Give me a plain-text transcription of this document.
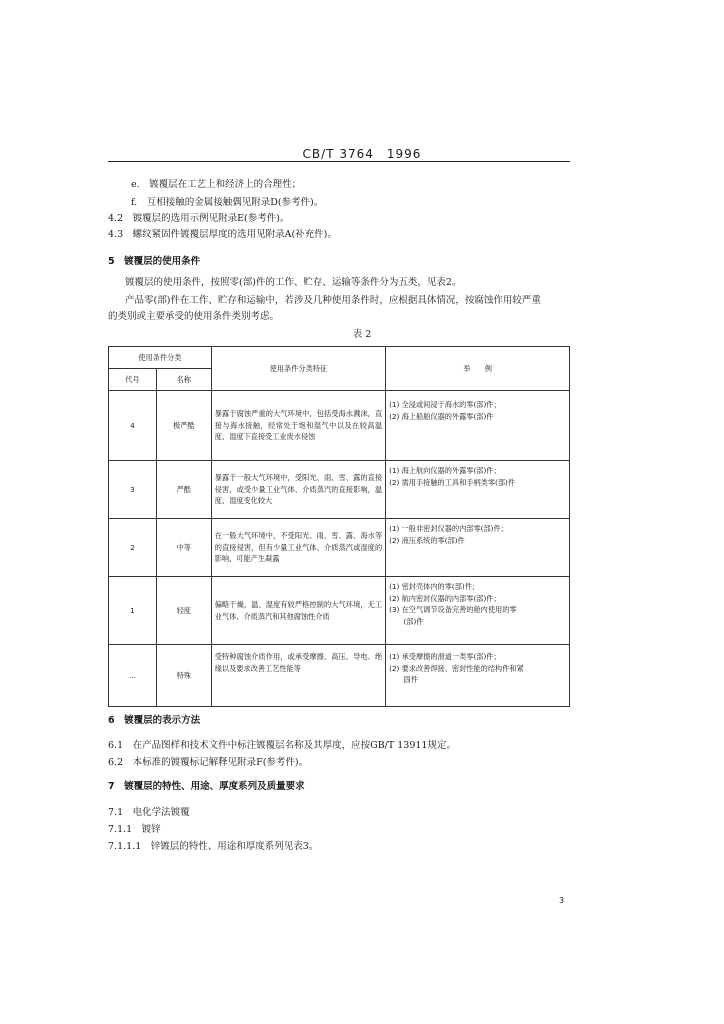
CB/T 3764　1996
e.　镀覆层在工艺上和经济上的合理性；
f.　互相接触的金属接触偶见附录D(参考件)。
4.2　镀覆层的选用示例见附录E(参考件)。
4.3　螺纹紧固件镀覆层厚度的选用见附录A(补充件)。
5　镀覆层的使用条件
镀覆层的使用条件，按照零(部)件的工作、贮存、运输等条件分为五类，见表2。
产品零(部)件在工作、贮存和运输中，若涉及几种使用条件时，应根据具体情况，按腐蚀作用较严重
的类别或主要承受的使用条件类别考虑。
表 2
使用条件分类		使用条件分类特征	举　　例
代号	名称		
4	极严酷	暴露于腐蚀严重的大气环境中，包括受海水溅沫，直接与海水接触，经常处于饱和湿气中以及在较高温度、湿度下直接受工业废水侵蚀	(1) 全浸或间浸于海水的零(部)件；
(2) 海上船舶仪器的外露零(部)件

3	严酷	暴露于一般大气环境中，受阳光、雨、雪、露的直接侵害，或受少量工业气体、介质蒸汽的直接影响，温度、湿度变化较大	(1) 海上航向仪器的外露零(部)件；
(2) 需用手接触的工具和手柄类零(部)件

2	中等	在一般大气环境中，不受阳光、雨、雪、露、海水等的直接侵害，但有少量工业气体、介质蒸汽或湿度的影响，可能产生凝露	(1) 一般非密封仪器的内部零(部)件；
(2) 液压系统的零(部)件

1	轻度	偏略干燥，温、湿度有较严格控制的大气环境，无工业气体、介质蒸汽和其他腐蚀性介质	(1) 密封壳体内的零(部)件；
(2) 航内密封仪器的内部零(部)件；
(3) 在空气调节设备完善的舱内使用的零
　　(部)件

…	特殊	受特种腐蚀介质作用，或承受摩擦、高压、导电、绝缘以及要求改善工艺性能等	(1) 承受摩擦的滑道一类零(部)件；
(2) 要求改善焊接、密封性能的结构件和紧
　　固件
6　镀覆层的表示方法
6.1　在产品图样和技术文件中标注镀覆层名称及其厚度，应按GB/T 13911规定。
6.2　本标准的镀覆标记解释见附录F(参考件)。
7　镀覆层的特性、用途、厚度系列及质量要求
7.1　电化学法镀覆
7.1.1　镀锌
7.1.1.1　锌镀层的特性、用途和厚度系列见表3。
3
